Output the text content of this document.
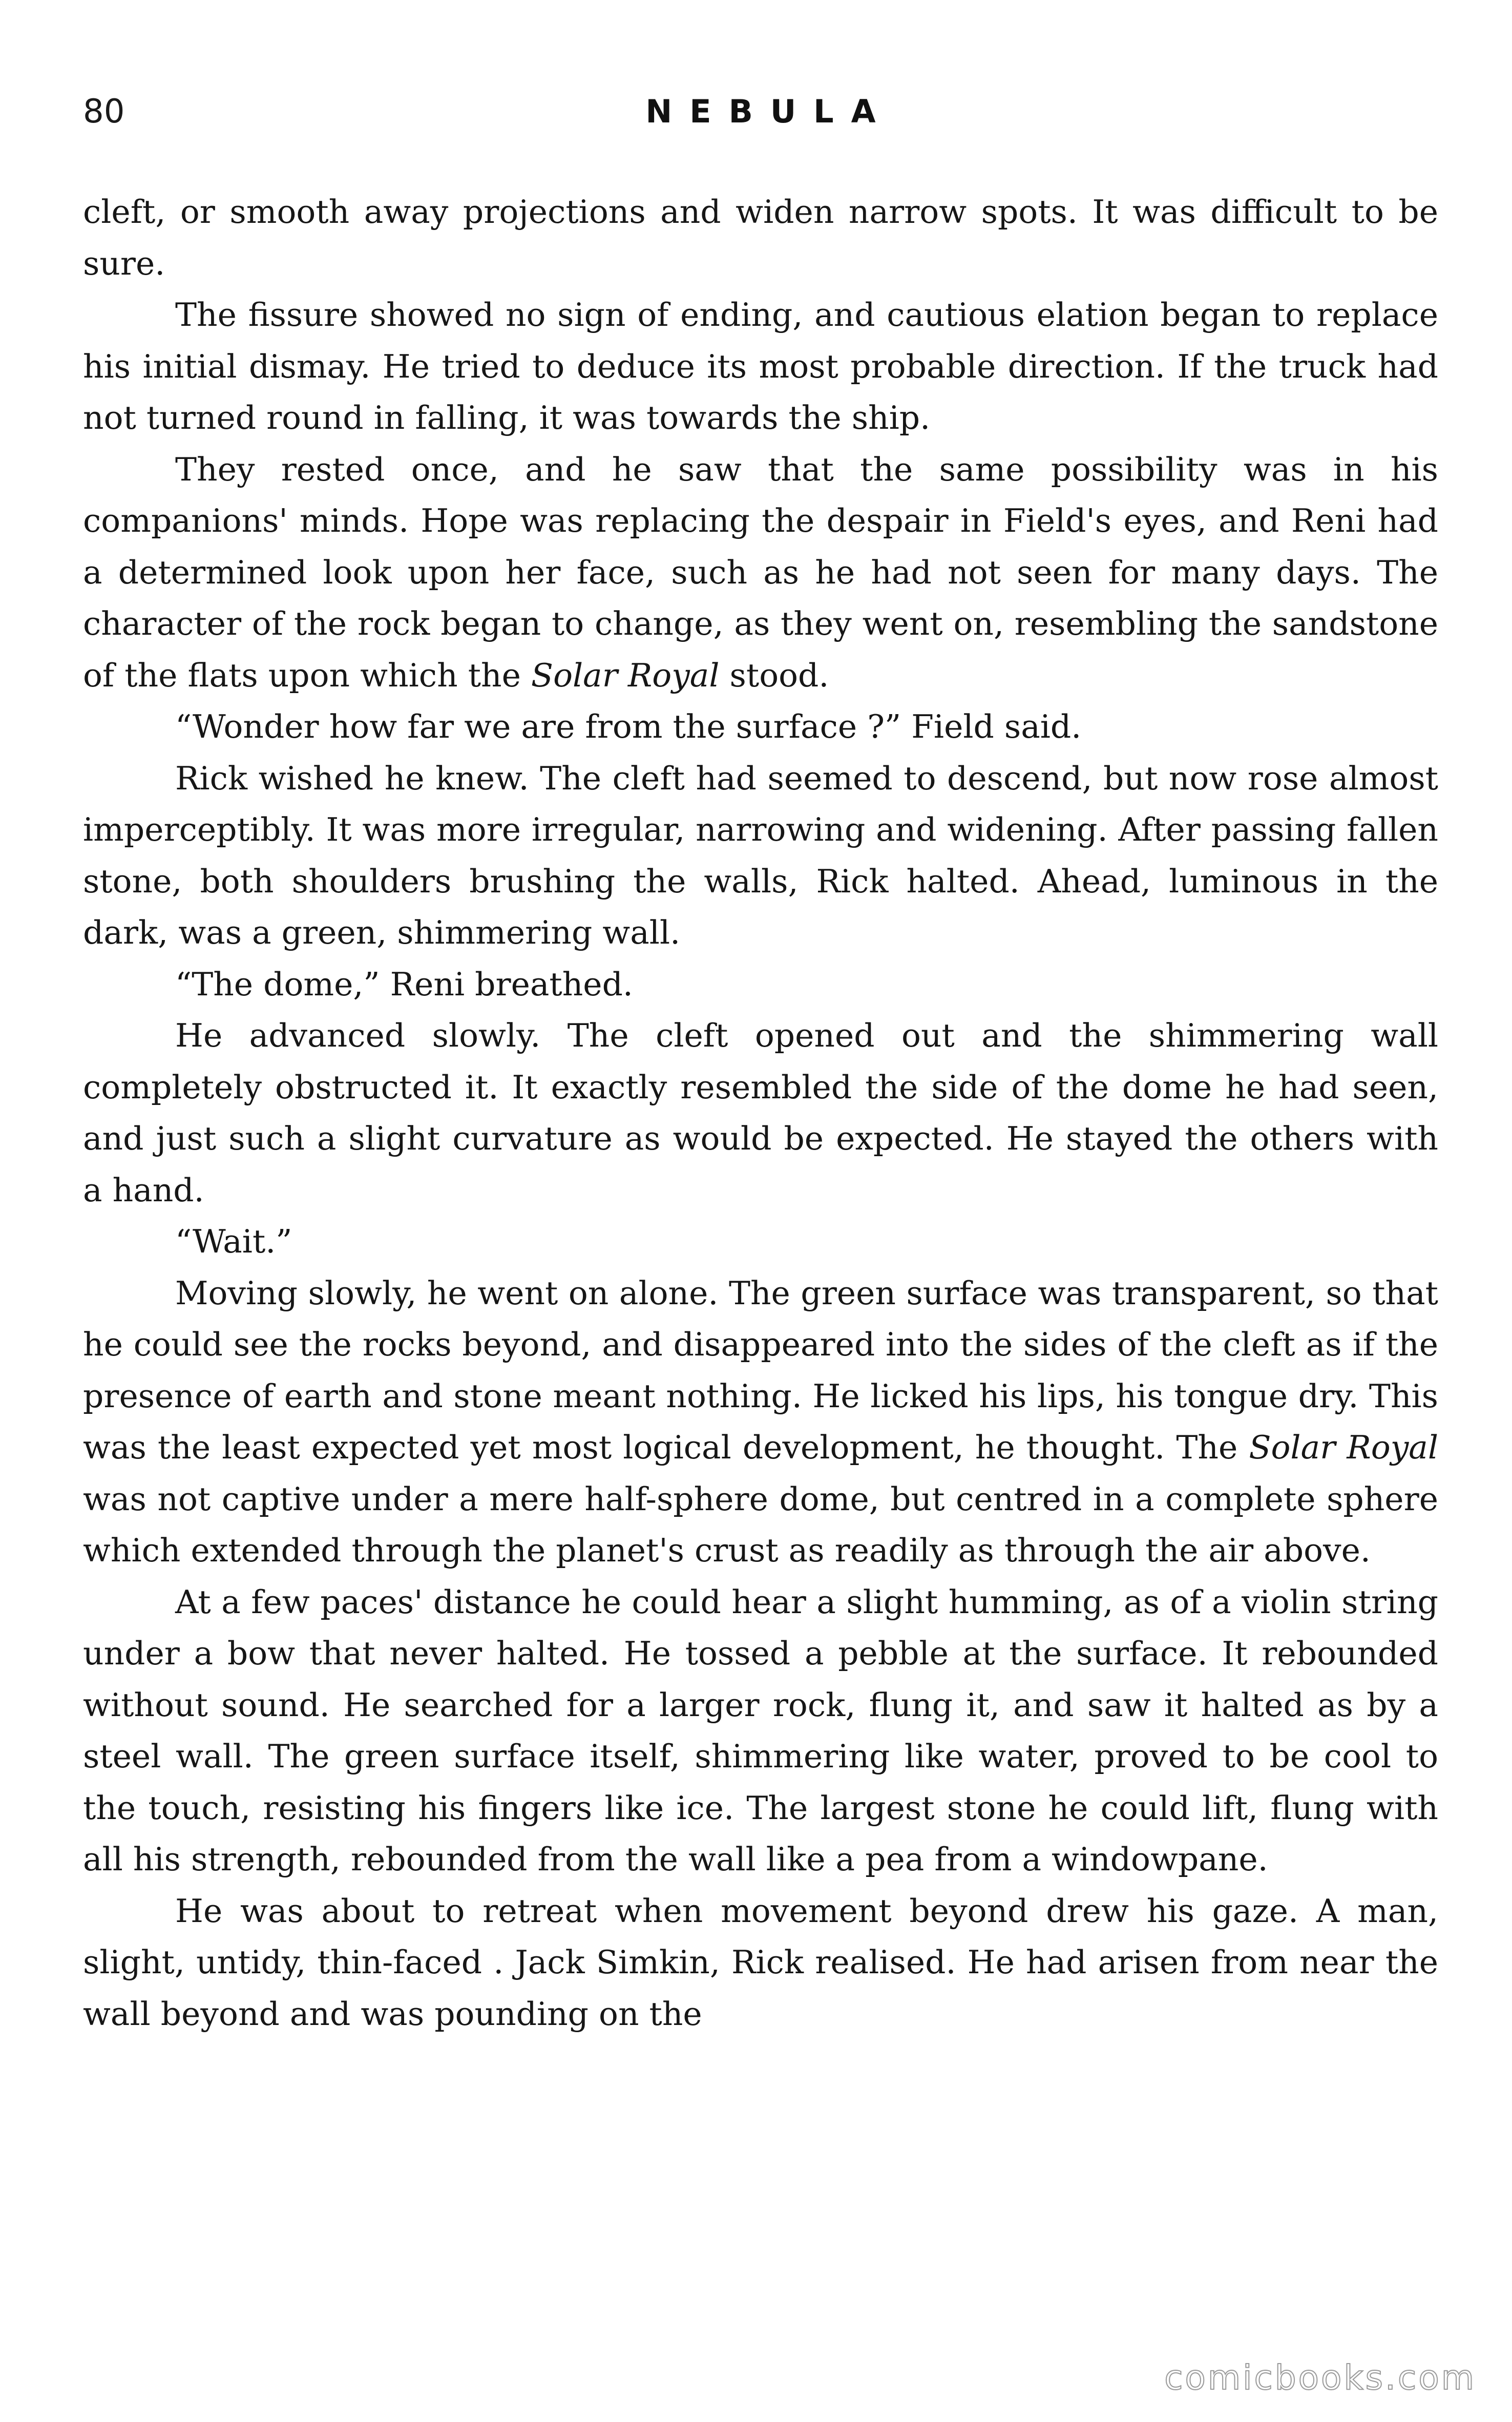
80	NEBULA

cleft, or smooth away projections and widen narrow spots. It was difficult to be sure.

The fissure showed no sign of ending, and cautious elation began to replace his initial dismay. He tried to deduce its most probable direction. If the truck had not turned round in falling, it was towards the ship.

They rested once, and he saw that the same possibility was in his companions' minds. Hope was replacing the despair in Field's eyes, and Reni had a determined look upon her face, such as he had not seen for many days. The character of the rock began to change, as they went on, resembling the sandstone of the flats upon which the Solar Royal stood.

“Wonder how far we are from the surface ?” Field said.

Rick wished he knew. The cleft had seemed to descend, but now rose almost imperceptibly. It was more irregular, narrowing and widening. After passing fallen stone, both shoulders brushing the walls, Rick halted. Ahead, luminous in the dark, was a green, shimmering wall.

“The dome,” Reni breathed.

He advanced slowly. The cleft opened out and the shimmering wall completely obstructed it. It exactly resembled the side of the dome he had seen, and just such a slight curvature as would be expected. He stayed the others with a hand.

“Wait.”

Moving slowly, he went on alone. The green surface was transparent, so that he could see the rocks beyond, and disappeared into the sides of the cleft as if the presence of earth and stone meant nothing. He licked his lips, his tongue dry. This was the least expected yet most logical development, he thought. The Solar Royal was not captive under a mere half-sphere dome, but centred in a complete sphere which extended through the planet's crust as readily as through the air above.

At a few paces' distance he could hear a slight humming, as of a violin string under a bow that never halted. He tossed a pebble at the surface. It rebounded without sound. He searched for a larger rock, flung it, and saw it halted as by a steel wall. The green surface itself, shimmering like water, proved to be cool to the touch, resisting his fingers like ice. The largest stone he could lift, flung with all his strength, rebounded from the wall like a pea from a windowpane.

He was about to retreat when movement beyond drew his gaze. A man, slight, untidy, thin-faced . Jack Simkin, Rick realised. He had arisen from near the wall beyond and was pounding on the

comicbooks.com
